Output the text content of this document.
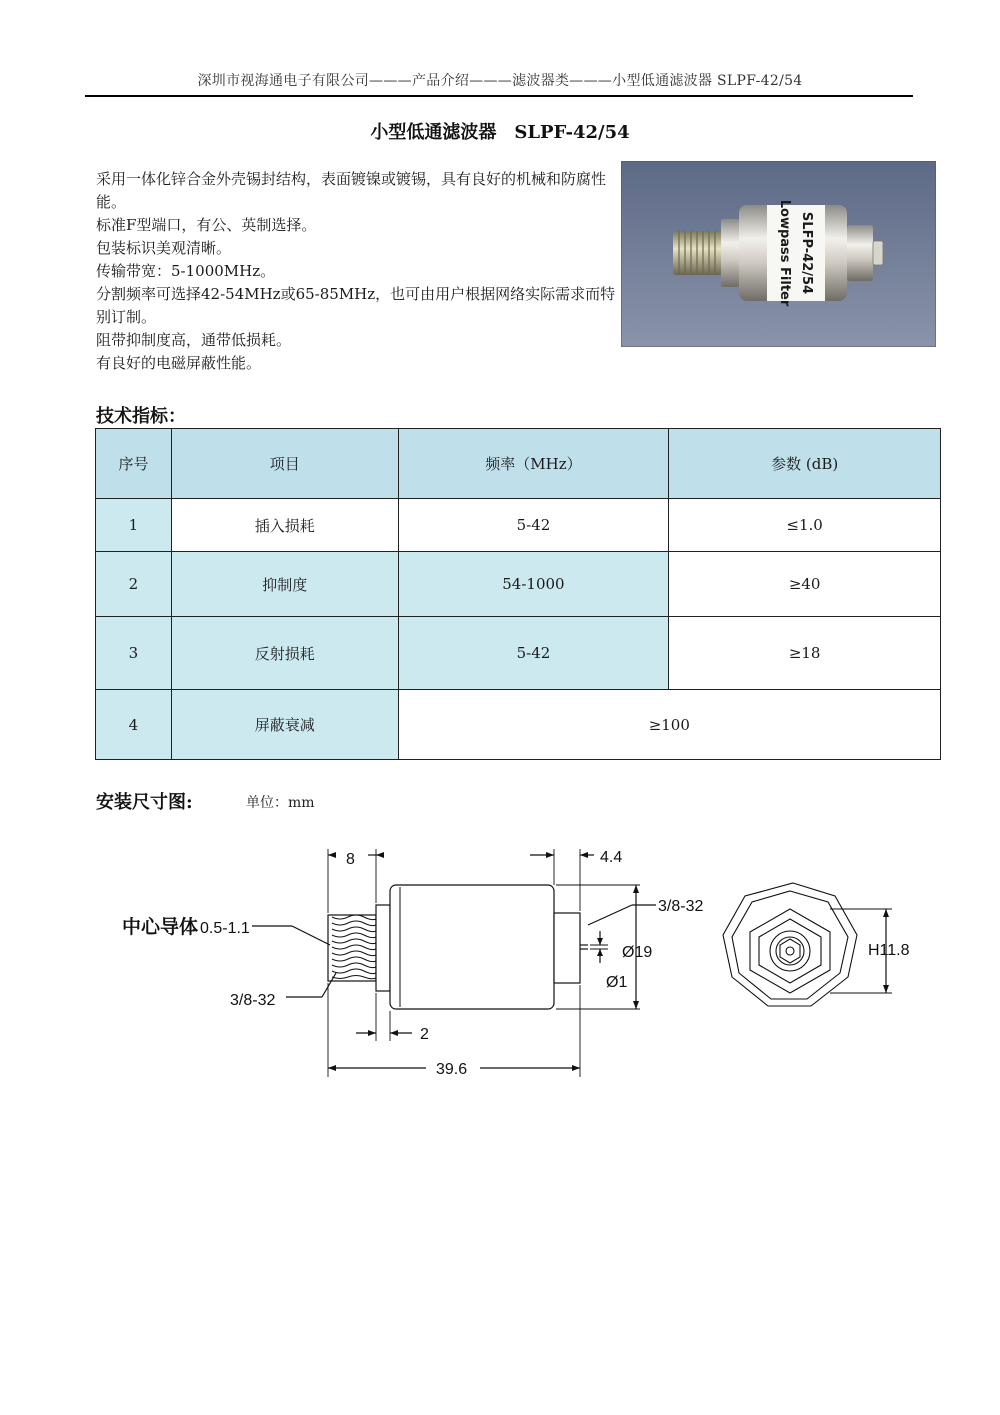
深圳市视海通电子有限公司———产品介绍———滤波器类———小型低通滤波器 SLPF-42/54
小型低通滤波器　SLPF-42/54

采用一体化锌合金外壳锡封结构，表面镀镍或镀锡，具有良好的机械和防腐性能。

标准F型端口，有公、英制选择。

包装标识美观清晰。

传输带宽：5-1000MHz。

分割频率可选择42-54MHz或65-85MHz，也可由用户根据网络实际需求而特别订制。

阻带抑制度高，通带低损耗。

有良好的电磁屏蔽性能。

Lowpass Filter SLFP-42/54
技术指标：
序号	项目	频率（MHz）	参数 (dB)
1	插入损耗	5-42	≤1.0
2	抑制度	54-1000	≥40
3	反射损耗	5-42	≥18
4	屏蔽衰减	≥100	
安装尺寸图:	单位：mm
8	4.4
3/8-32
Ø19
Ø1
中心导体 0.5-1.1
3/8-32
2
39.6
H11.8
